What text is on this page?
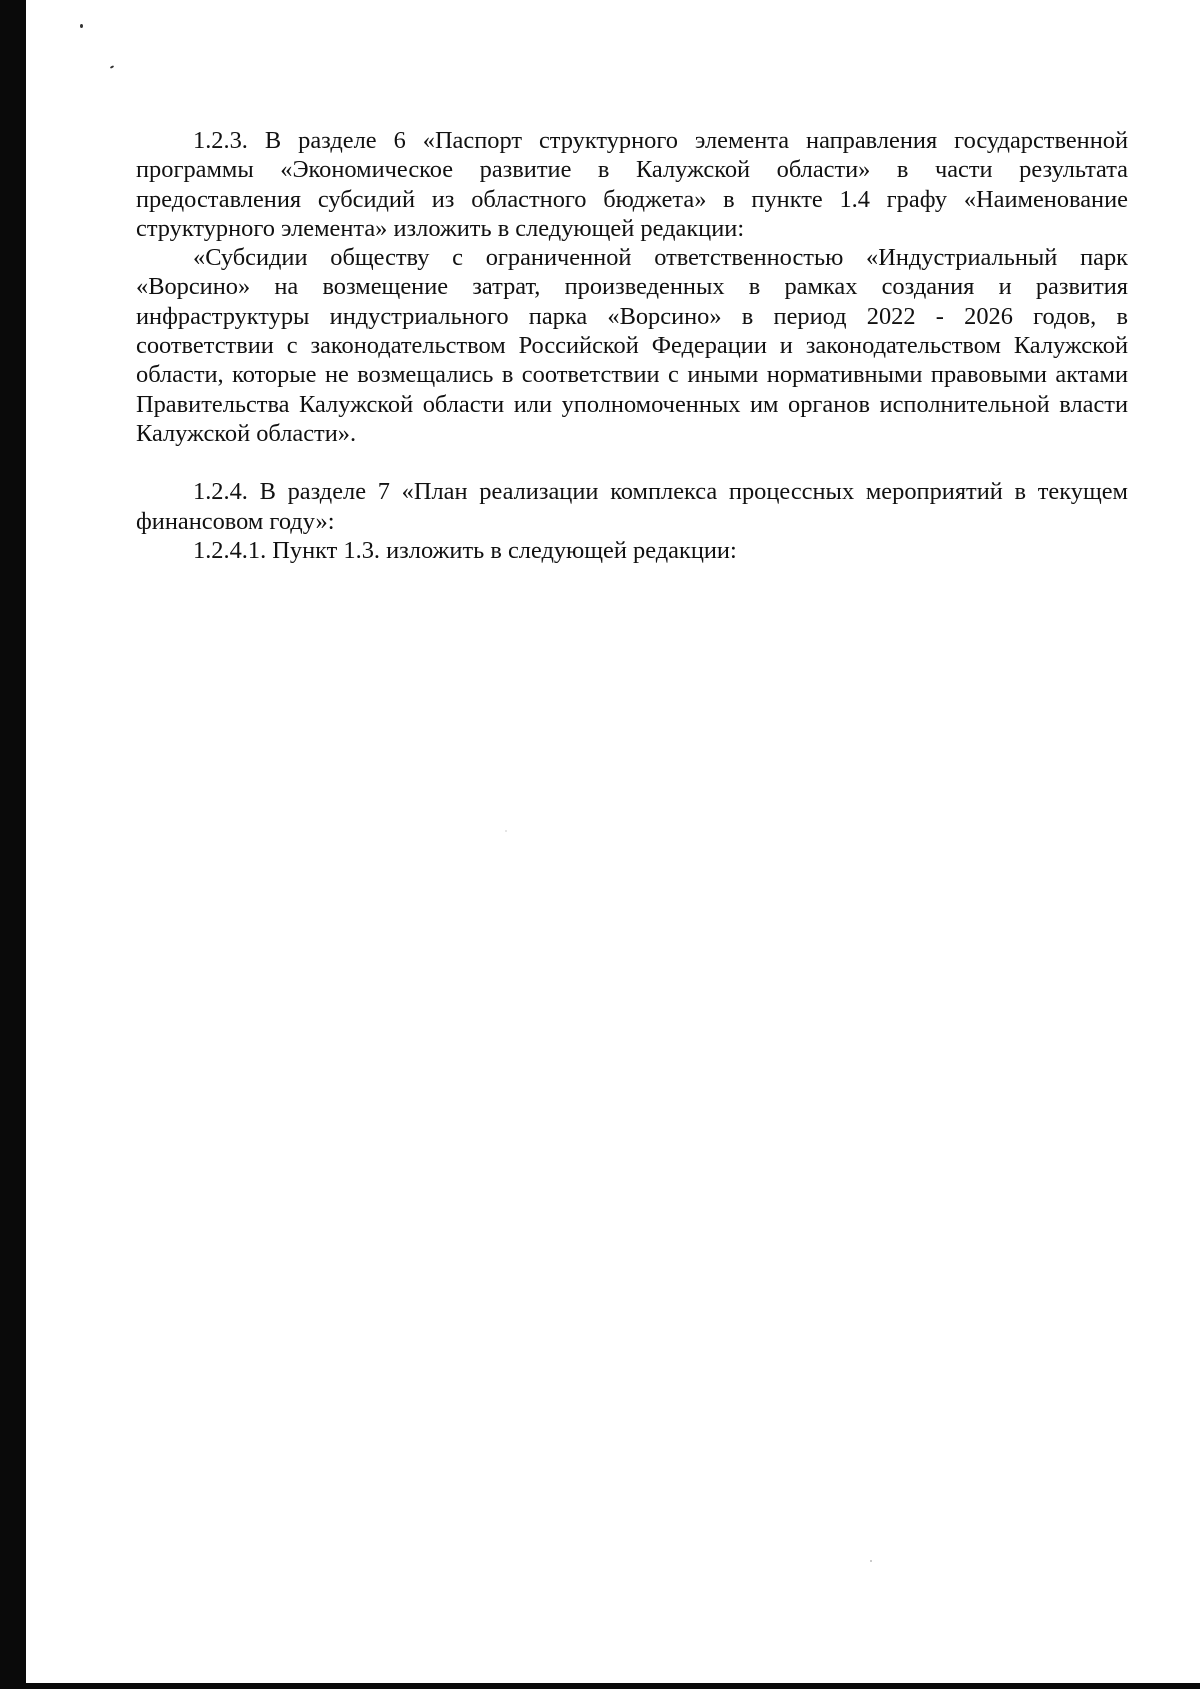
1.2.3. В разделе 6 «Паспорт структурного элемента направления государственной программы «Экономическое развитие в Калужской области» в части результата предоставления субсидий из областного бюджета» в пункте 1.4 графу «Наименование структурного элемента» изложить в следующей редакции:

«Субсидии обществу с ограниченной ответственностью «Индустриальный парк «Ворсино» на возмещение затрат, произведенных в рамках создания и развития инфраструктуры индустриального парка «Ворсино» в период 2022 - 2026 годов, в соответствии с законодательством Российской Федерации и законодательством Калужской области, которые не возмещались в соответствии с иными нормативными правовыми актами Правительства Калужской области или уполномоченных им органов исполнительной власти Калужской области».

1.2.4. В разделе 7 «План реализации комплекса процессных мероприятий в текущем финансовом году»:

1.2.4.1. Пункт 1.3. изложить в следующей редакции:
